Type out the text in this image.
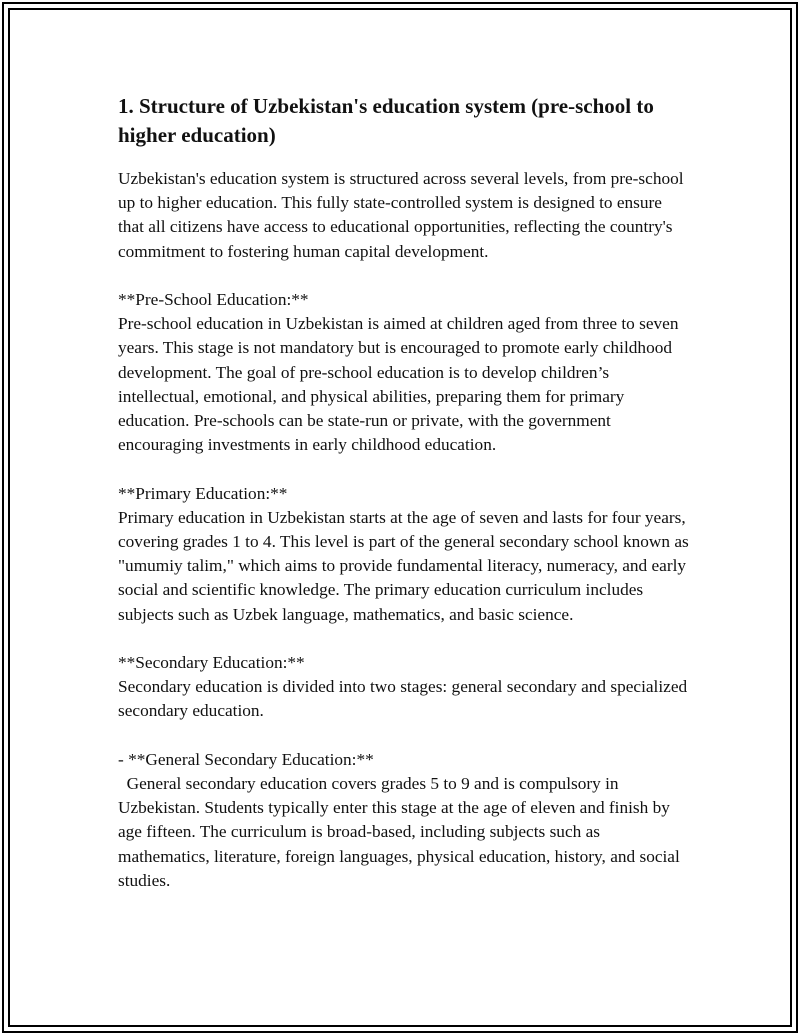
1. Structure of Uzbekistan's education system (pre-school to higher education)

Uzbekistan's education system is structured across several levels, from pre-school up to higher education. This fully state-controlled system is designed to ensure that all citizens have access to educational opportunities, reflecting the country's commitment to fostering human capital development.

**Pre-School Education:**

Pre-school education in Uzbekistan is aimed at children aged from three to seven years. This stage is not mandatory but is encouraged to promote early childhood development. The goal of pre-school education is to develop children’s intellectual, emotional, and physical abilities, preparing them for primary education. Pre-schools can be state-run or private, with the government encouraging investments in early childhood education.

**Primary Education:**

Primary education in Uzbekistan starts at the age of seven and lasts for four years, covering grades 1 to 4. This level is part of the general secondary school known as "umumiy talim," which aims to provide fundamental literacy, numeracy, and early social and scientific knowledge. The primary education curriculum includes subjects such as Uzbek language, mathematics, and basic science.

**Secondary Education:**

Secondary education is divided into two stages: general secondary and specialized secondary education.

- **General Secondary Education:**

General secondary education covers grades 5 to 9 and is compulsory in Uzbekistan. Students typically enter this stage at the age of eleven and finish by age fifteen. The curriculum is broad-based, including subjects such as mathematics, literature, foreign languages, physical education, history, and social studies.
